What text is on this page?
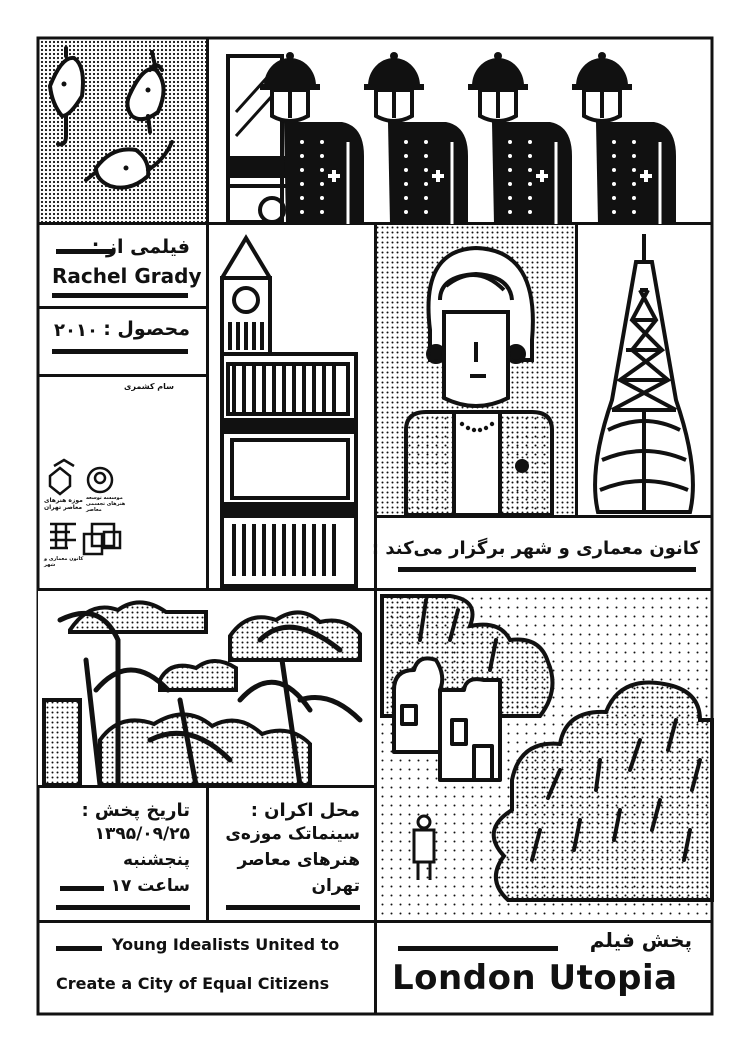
فیلمی از :
Rachel Grady
۲۰۱۰ محصول :
سام کشمری
موزه هنرهای معاصر تهران
موسسه توسعه هنرهای تجسمی معاصر
کانون معماری و شهر
کانون معماری و شهر برگزار می‌کند :
تاریخ پخش :
۱۳۹۵/۰۹/۲۵
پنجشنبه
ساعت ۱۷
محل اکران :
سینماتک موزه‌ی
هنرهای معاصر
تهران
Young Idealists United to
Create a City of Equal Citizens
پخش فیلم
London Utopia
